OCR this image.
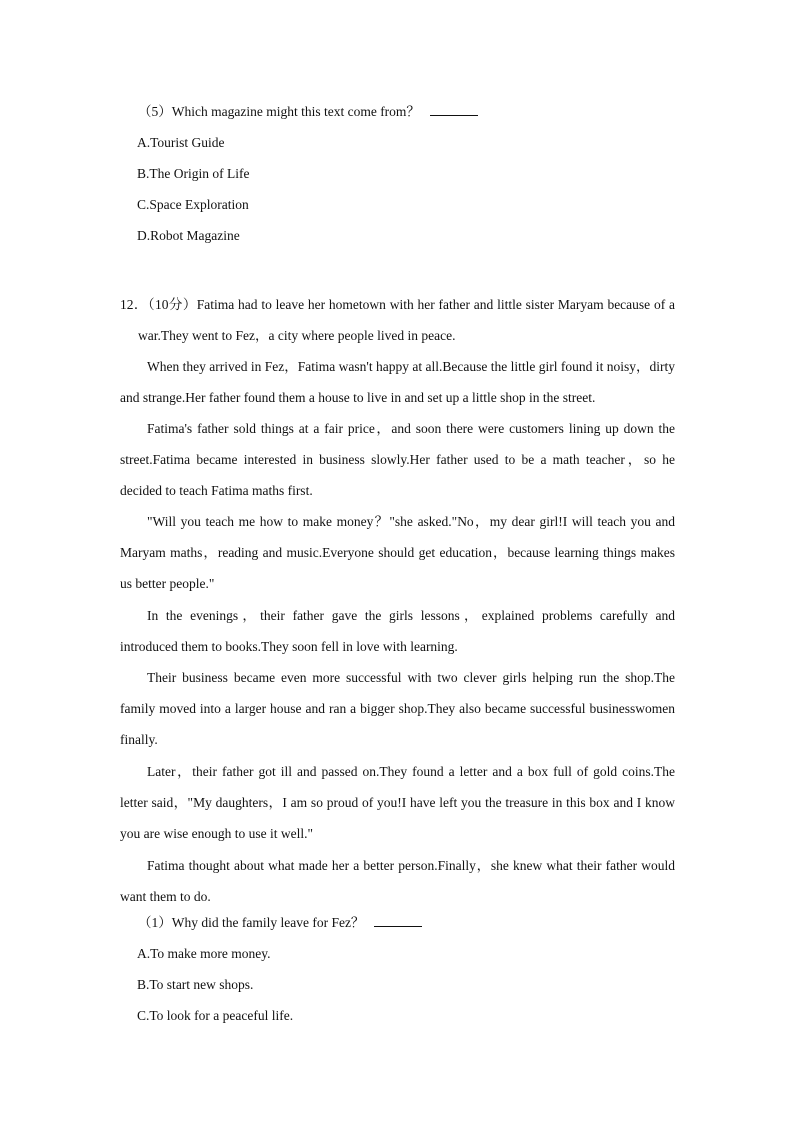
（5）Which magazine might this text come from？
A.Tourist Guide
B.The Origin of Life
C.Space Exploration
D.Robot Magazine
12．（10分）Fatima had to leave her hometown with her father and little sister Maryam because of a war.They went to Fez，a city where people lived in peace.
When they arrived in Fez，Fatima wasn't happy at all.Because the little girl found it noisy，dirty and strange.Her father found them a house to live in and set up a little shop in the street.
Fatima's father sold things at a fair price，and soon there were customers lining up down the street.Fatima became interested in business slowly.Her father used to be a math teacher，so he decided to teach Fatima maths first.
"Will you teach me how to make money？"she asked."No，my dear girl!I will teach you and Maryam maths，reading and music.Everyone should get education，because learning things makes us better people."
In the evenings，their father gave the girls lessons，explained problems carefully and introduced them to books.They soon fell in love with learning.
Their business became even more successful with two clever girls helping run the shop.The family moved into a larger house and ran a bigger shop.They also became successful businesswomen finally.
Later，their father got ill and passed on.They found a letter and a box full of gold coins.The letter said，"My daughters，I am so proud of you!I have left you the treasure in this box and I know you are wise enough to use it well."
Fatima thought about what made her a better person.Finally，she knew what their father would want them to do.
（1）Why did the family leave for Fez？
A.To make more money.
B.To start new shops.
C.To look for a peaceful life.
